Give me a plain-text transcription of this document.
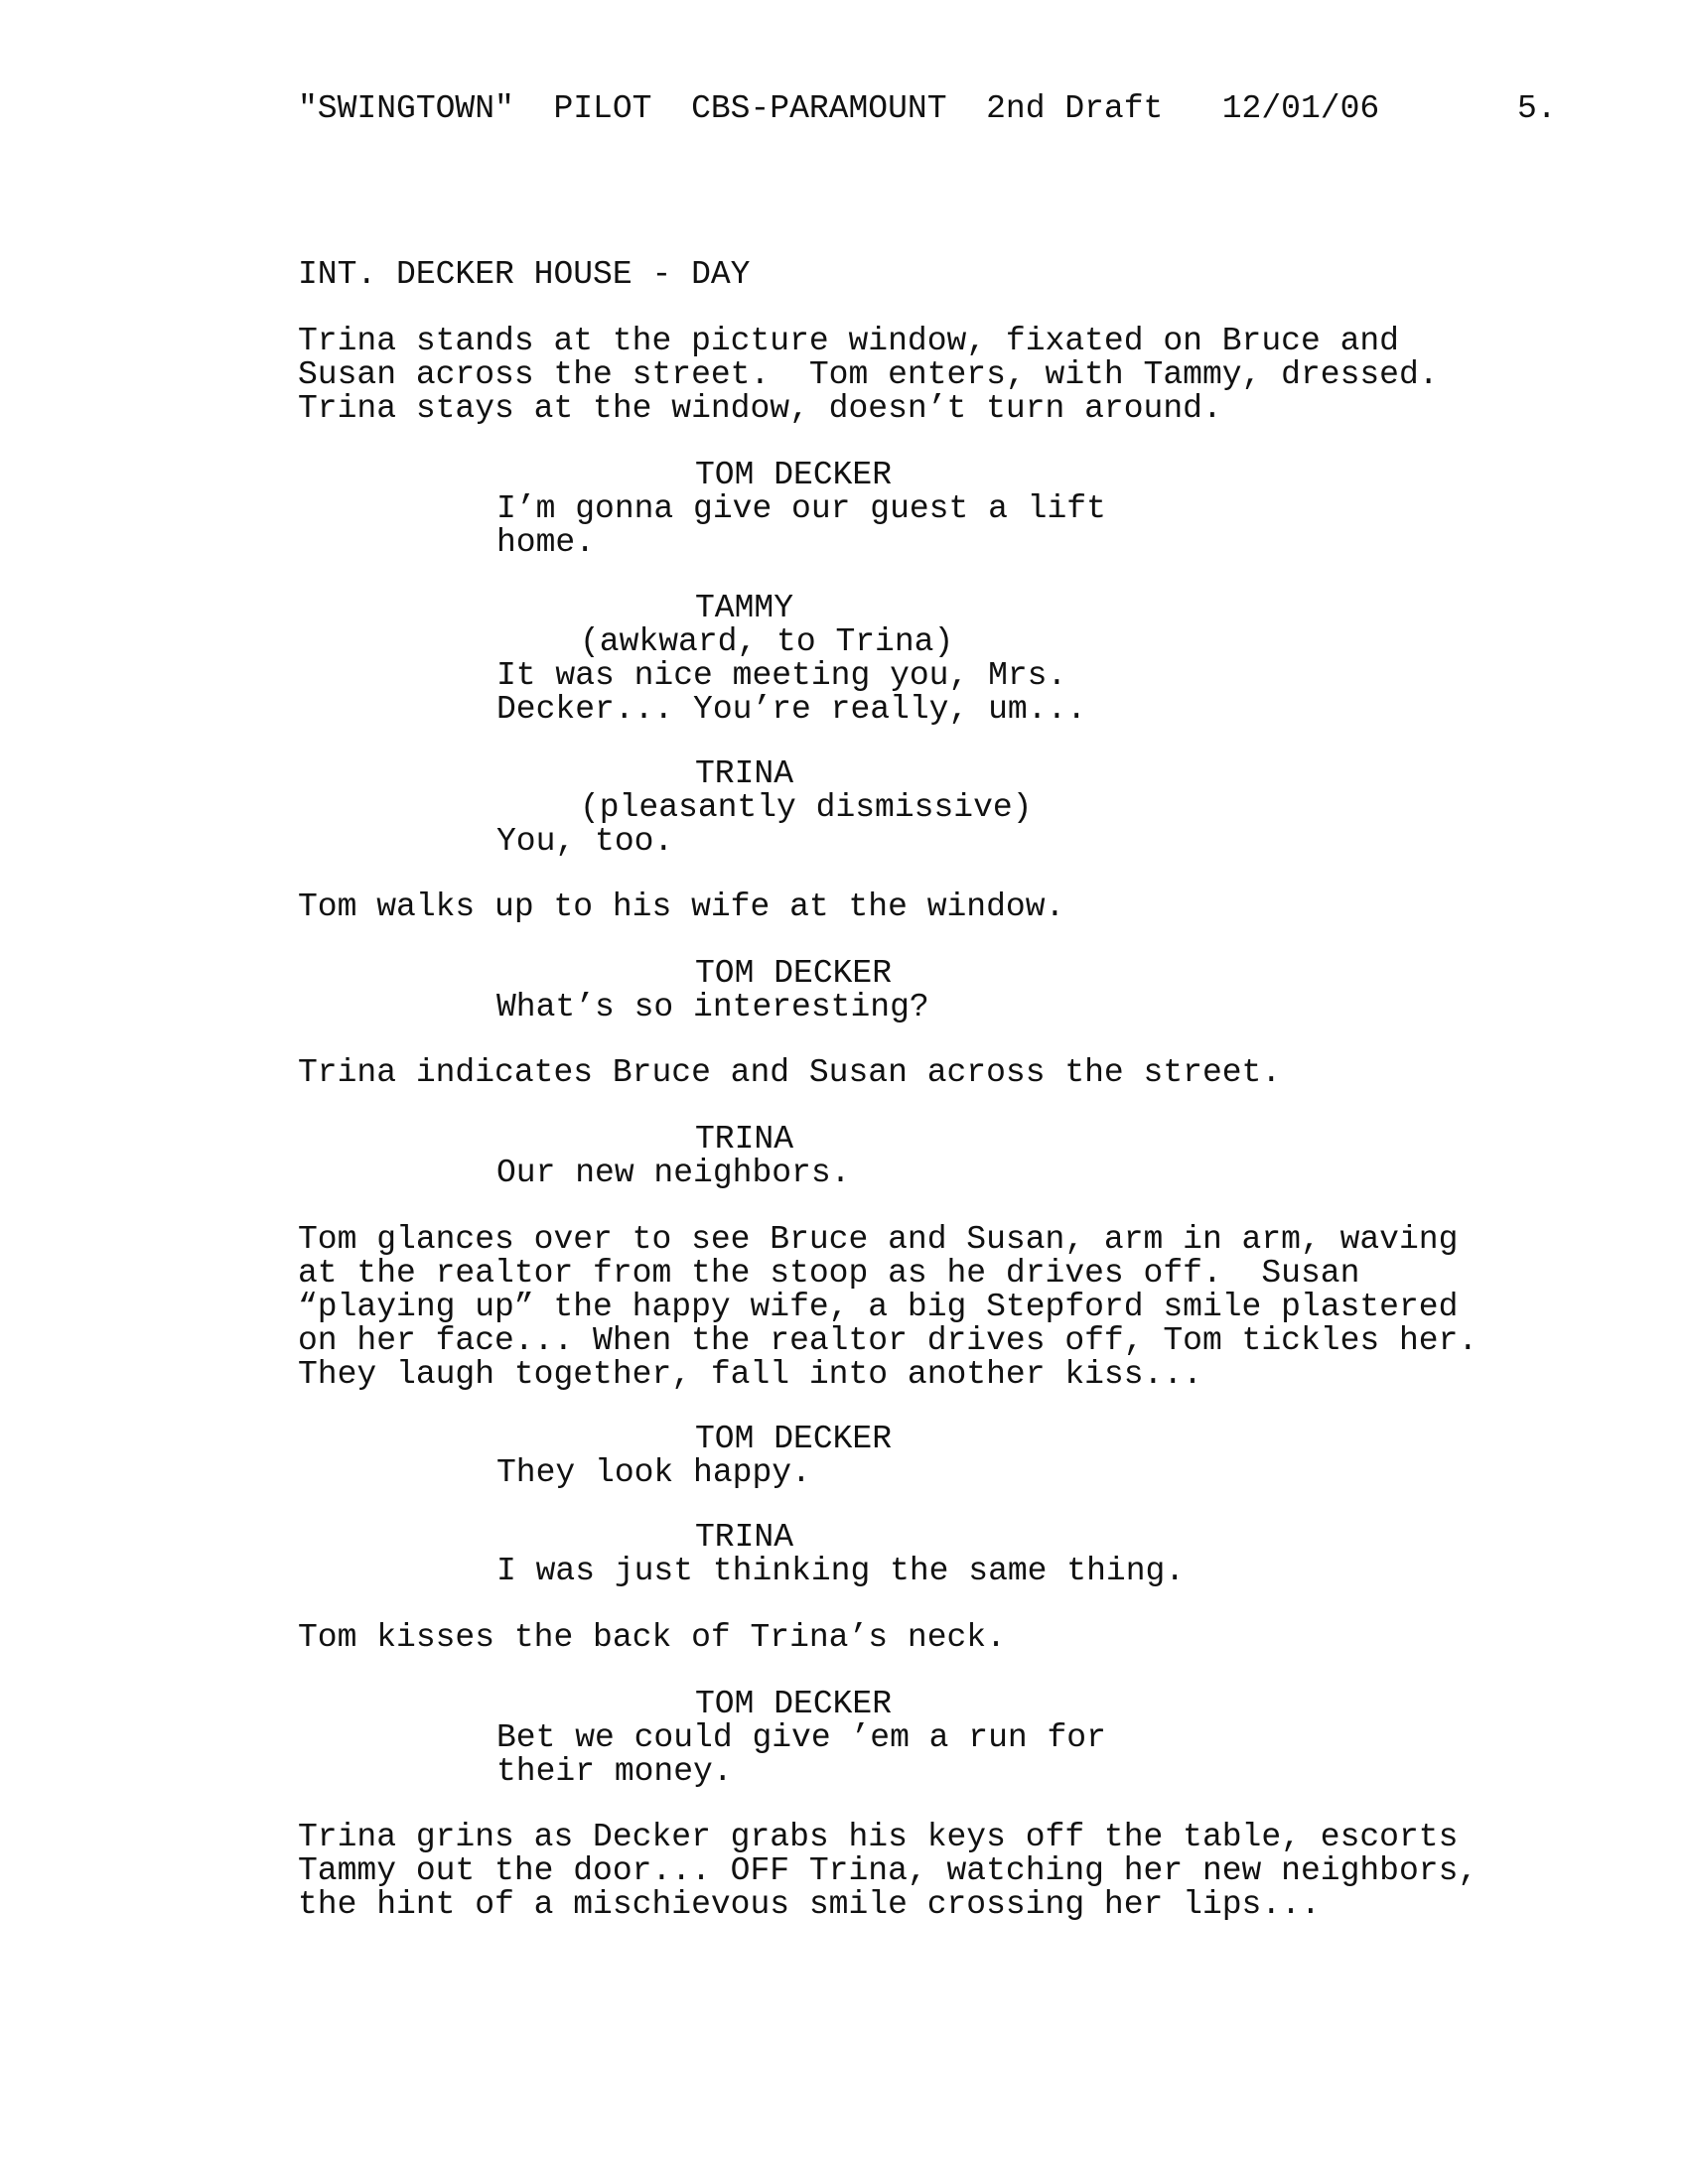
"SWINGTOWN"  PILOT  CBS-PARAMOUNT  2nd Draft   12/01/06	5.
INT. DECKER HOUSE - DAY
Trina stands at the picture window, fixated on Bruce and
Susan across the street.  Tom enters, with Tammy, dressed.
Trina stays at the window, doesn’t turn around.
TOM DECKER
I’m gonna give our guest a lift
home.
TAMMY
(awkward, to Trina)
It was nice meeting you, Mrs.
Decker... You’re really, um...
TRINA
(pleasantly dismissive)
You, too.
Tom walks up to his wife at the window.
TOM DECKER
What’s so interesting?
Trina indicates Bruce and Susan across the street.
TRINA
Our new neighbors.
Tom glances over to see Bruce and Susan, arm in arm, waving
at the realtor from the stoop as he drives off.  Susan
“playing up” the happy wife, a big Stepford smile plastered
on her face... When the realtor drives off, Tom tickles her.
They laugh together, fall into another kiss...
TOM DECKER
They look happy.
TRINA
I was just thinking the same thing.
Tom kisses the back of Trina’s neck.
TOM DECKER
Bet we could give ’em a run for
their money.
Trina grins as Decker grabs his keys off the table, escorts
Tammy out the door... OFF Trina, watching her new neighbors,
the hint of a mischievous smile crossing her lips...
